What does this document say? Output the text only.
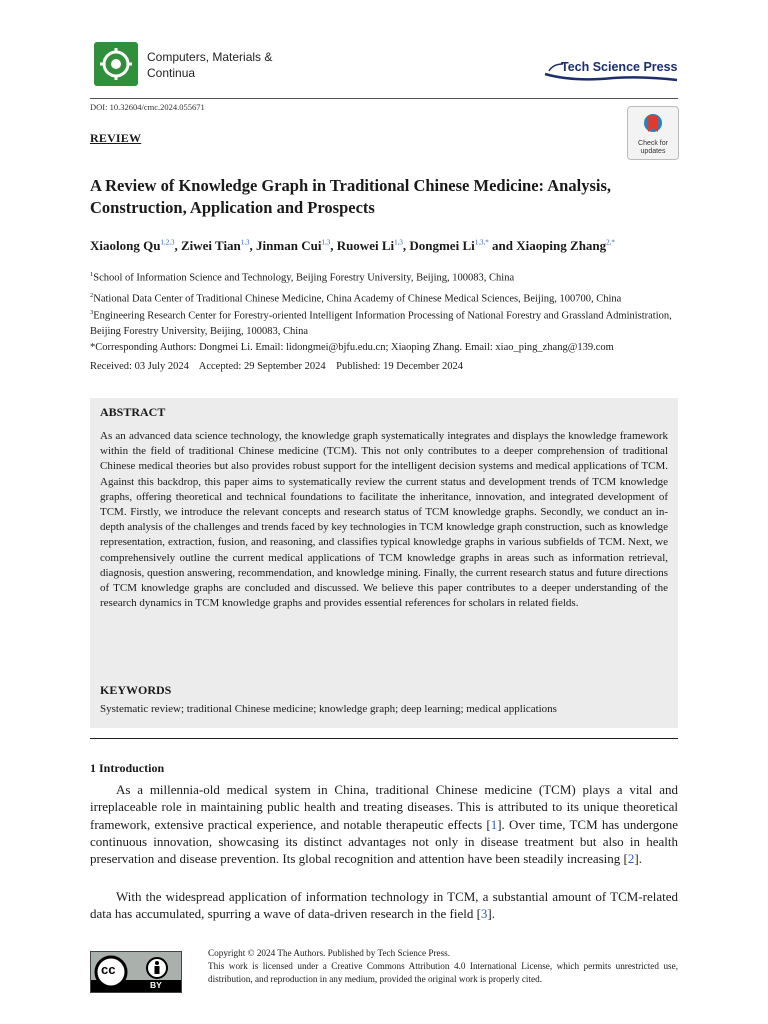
Computers, Materials &
Continua	Tech Science Press
DOI: 10.32604/cmc.2024.055671
REVIEW	Check for
updates
A Review of Knowledge Graph in Traditional Chinese Medicine: Analysis, Construction, Application and Prospects
Xiaolong Qu$^{1,2,3}$, Ziwei Tian$^{1,3}$, Jinman Cui$^{1,3}$, Ruowei Li$^{1,3}$, Dongmei $Li^{1,3,*}$ and Xiaoping Zhang$^{2,*}$
$^1$School of Information Science and Technology, Beijing Forestry University, Beijing, 100083, China
$^2$National Data Center of Traditional Chinese Medicine, China Academy of Chinese Medical Sciences, Beijing, 100700, China
$^3$Engineering Research Center for Forestry-oriented Intelligent Information Processing of National Forestry and Grassland Administration, Beijing Forestry University, Beijing, 100083, China
*Corresponding Authors: Dongmei Li. Email: lidongmei@bjfu.edu.cn; Xiaoping Zhang. Email: xiao_ping_zhang@139.com
Received: 03 July 2024    Accepted: 29 September 2024    Published: 19 December 2024
ABSTRACT
As an advanced data science technology, the knowledge graph systematically integrates and displays the knowledge framework within the field of traditional Chinese medicine (TCM). This not only contributes to a deeper comprehension of traditional Chinese medical theories but also provides robust support for the intelligent decision systems and medical applications of TCM. Against this backdrop, this paper aims to systematically review the current status and development trends of TCM knowledge graphs, offering theoretical and technical foundations to facilitate the inheritance, innovation, and integrated development of TCM. Firstly, we introduce the relevant concepts and research status of TCM knowledge graphs. Secondly, we conduct an in-depth analysis of the challenges and trends faced by key technologies in TCM knowledge graph construction, such as knowledge representation, extraction, fusion, and reasoning, and classifies typical knowledge graphs in various subfields of TCM. Next, we comprehensively outline the current medical applications of TCM knowledge graphs in areas such as information retrieval, diagnosis, question answering, recommendation, and knowledge mining. Finally, the current research status and future directions of TCM knowledge graphs are concluded and discussed. We believe this paper contributes to a deeper understanding of the research dynamics in TCM knowledge graphs and provides essential references for scholars in related fields.
KEYWORDS
Systematic review; traditional Chinese medicine; knowledge graph; deep learning; medical applications
1 Introduction
As a millennia-old medical system in China, traditional Chinese medicine (TCM) plays a vital and irreplaceable role in maintaining public health and treating diseases. This is attributed to its unique theoretical framework, extensive practical experience, and notable therapeutic effects [1]. Over time, TCM has undergone continuous innovation, showcasing its distinct advantages not only in disease treatment but also in health preservation and disease prevention. Its global recognition and attention have been steadily increasing [2].
With the widespread application of information technology in TCM, a substantial amount of TCM-related data has accumulated, spurring a wave of data-driven research in the field [3].
cc
BY
Copyright © 2024 The Authors. Published by Tech Science Press.
This work is licensed under a Creative Commons Attribution 4.0 International License, which permits unrestricted use, distribution, and reproduction in any medium, provided the original work is properly cited.
